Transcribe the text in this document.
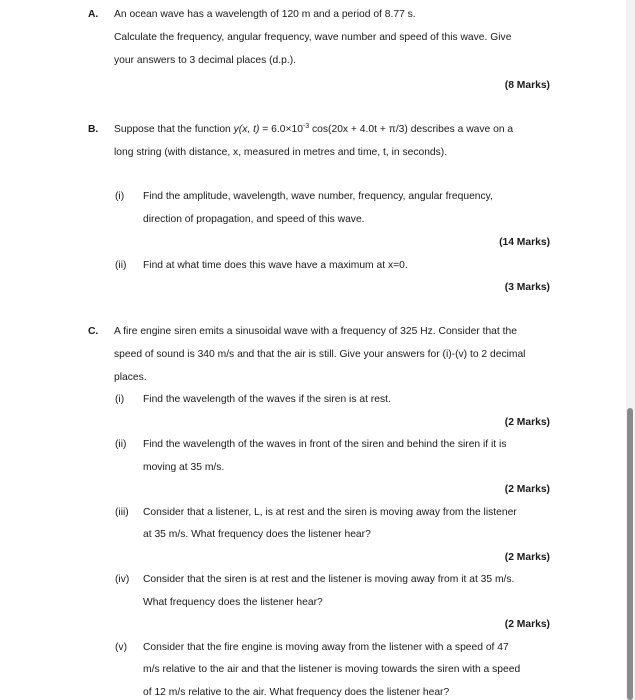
A. An ocean wave has a wavelength of 120 m and a period of 8.77 s.
Calculate the frequency, angular frequency, wave number and speed of this wave. Give
your answers to 3 decimal places (d.p.).
(8 Marks)
B. Suppose that the function y(x, $t) = 6.0\times 10^{-3}$ cos(20x + 4.0t + π/3) describes a wave on a
long string (with distance, x, measured in metres and time, t, in seconds).
(i) Find the amplitude, wavelength, wave number, frequency, angular frequency,
direction of propagation, and speed of this wave.
(14 Marks)
(ii) Find at what time does this wave have a maximum at x=0.
(3 Marks)
C. A fire engine siren emits a sinusoidal wave with a frequency of 325 Hz. Consider that the
speed of sound is 340 m/s and that the air is still. Give your answers for (i)-(v) to 2 decimal
places.
(i) Find the wavelength of the waves if the siren is at rest.
(2 Marks)
(ii) Find the wavelength of the waves in front of the siren and behind the siren if it is
moving at 35 m/s.
(2 Marks)
(iii) Consider that a listener, L, is at rest and the siren is moving away from the listener
at 35 m/s. What frequency does the listener hear?
(2 Marks)
(iv) Consider that the siren is at rest and the listener is moving away from it at 35 m/s.
What frequency does the listener hear?
(2 Marks)
(v) Consider that the fire engine is moving away from the listener with a speed of 47
m/s relative to the air and that the listener is moving towards the siren with a speed
of 12 m/s relative to the air. What frequency does the listener hear?
